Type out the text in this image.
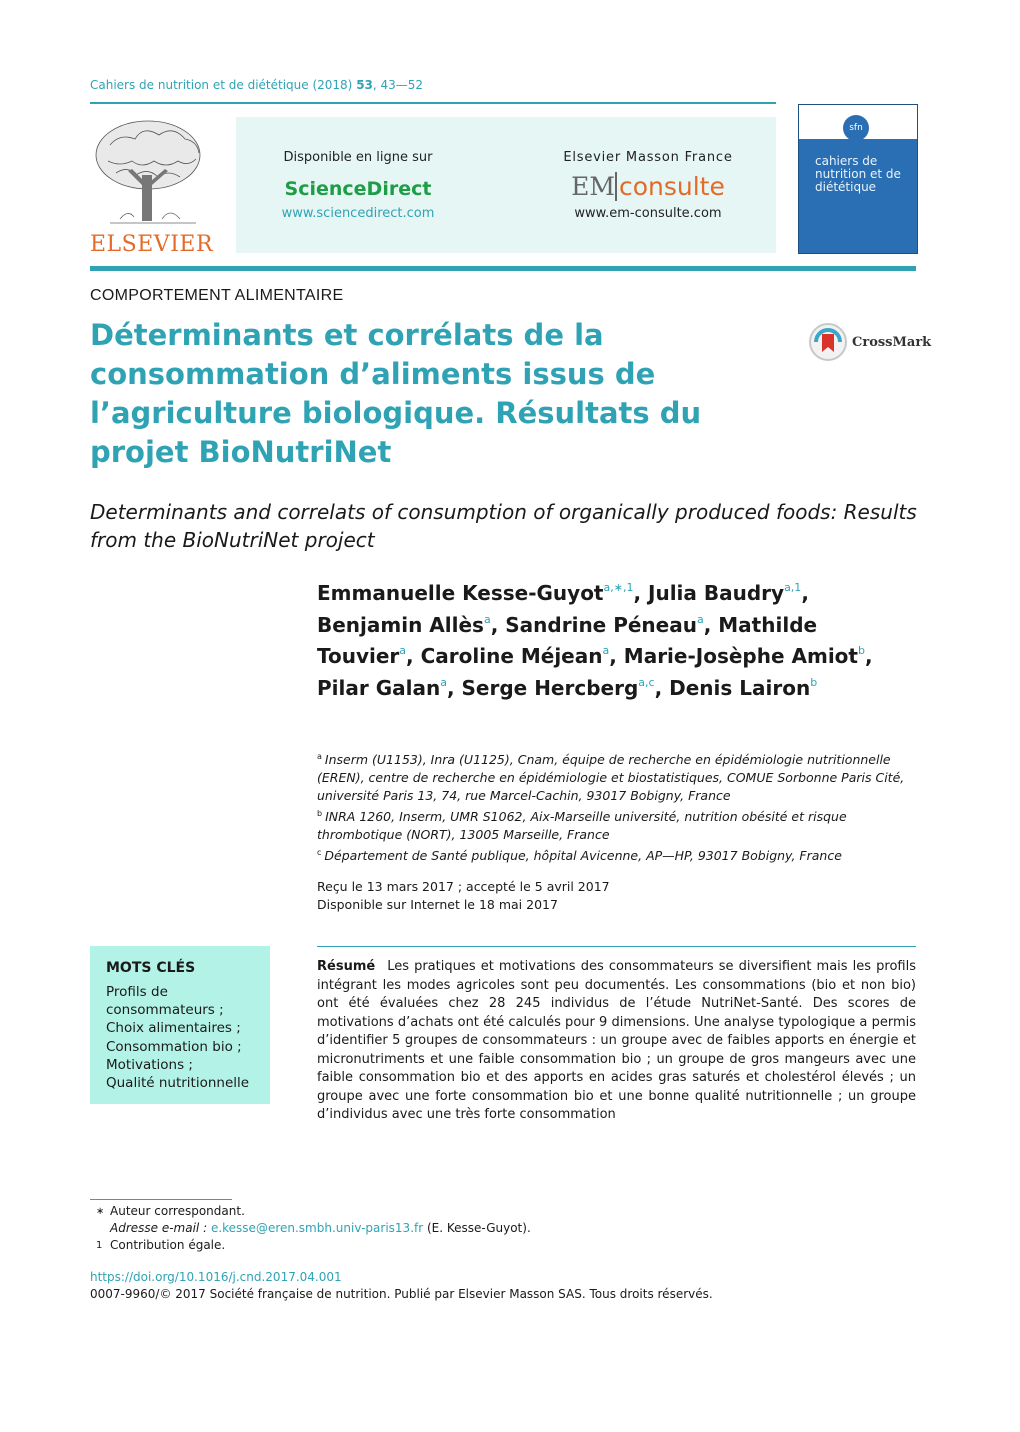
Cahiers de nutrition et de diététique (2018) 53, 43—52
ELSEVIER
Disponible en ligne sur
ScienceDirect
www.sciencedirect.com
Elsevier Masson France
EM consulte
www.em-consulte.com
sfn
cahiers de nutrition et de diététique
COMPORTEMENT ALIMENTAIRE
Déterminants et corrélats de la consommation d’aliments issus de l’agriculture biologique. Résultats du projet BioNutriNet
CrossMark
Determinants and correlats of consumption of organically produced foods: Results from the BioNutriNet project
Emmanuelle Kesse-Guyot$^{a,∗,1}$, Julia Baudry$^{a,1}$, Benjamin Allès$^a$, Sandrine Péneau$^a$, Mathilde Touvier$^a$, Caroline Méjean$^a$, Marie-Josèphe Amiot$^b$, Pilar Galan$^a$, Serge Hercberg$^{a,c}$, Denis Lairon$^b$
$^a$ Inserm (U1153), Inra (U1125), Cnam, équipe de recherche en épidémiologie nutritionnelle (EREN), centre de recherche en épidémiologie et biostatistiques, COMUE Sorbonne Paris Cité, université Paris 13, 74, rue Marcel-Cachin, 93017 Bobigny, France
$^b$ INRA 1260, Inserm, UMR S1062, Aix-Marseille université, nutrition obésité et risque thrombotique (NORT), 13005 Marseille, France
$^c$ Département de Santé publique, hôpital Avicenne, AP—HP, 93017 Bobigny, France
Reçu le 13 mars 2017 ; accepté le 5 avril 2017
Disponible sur Internet le 18 mai 2017
MOTS CLÉS
Profils de consommateurs ;
Choix alimentaires ;
Consommation bio ;
Motivations ;
Qualité nutritionnelle
Résumé Les pratiques et motivations des consommateurs se diversifient mais les profils intégrant les modes agricoles sont peu documentés. Les consommations (bio et non bio) ont été évaluées chez 28 245 individus de l’étude NutriNet-Santé. Des scores de motivations d’achats ont été calculés pour 9 dimensions. Une analyse typologique a permis d’identifier 5 groupes de consommateurs : un groupe avec de faibles apports en énergie et micronutriments et une faible consommation bio ; un groupe de gros mangeurs avec une faible consommation bio et des apports en acides gras saturés et cholestérol élevés ; un groupe avec une forte consommation bio et une bonne qualité nutritionnelle ; un groupe d’individus avec une très forte consommation
∗ Auteur correspondant.
Adresse e-mail : e.kesse@eren.smbh.univ-paris13.fr (E. Kesse-Guyot).
1 Contribution égale.
https://doi.org/10.1016/j.cnd.2017.04.001
0007-9960/© 2017 Société française de nutrition. Publié par Elsevier Masson SAS. Tous droits réservés.
